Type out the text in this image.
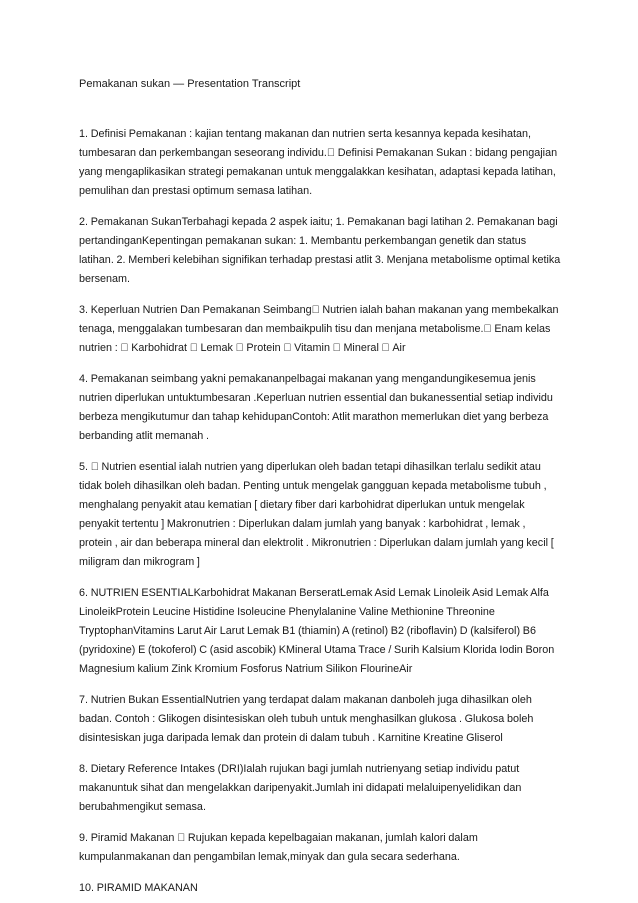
Pemakanan sukan — Presentation Transcript

1. Definisi Pemakanan : kajian tentang makanan dan nutrien serta kesannya kepada kesihatan, tumbesaran dan perkembangan seseorang individu. Definisi Pemakanan Sukan : bidang pengajian yang mengaplikasikan strategi pemakanan untuk menggalakkan kesihatan, adaptasi kepada latihan, pemulihan dan prestasi optimum semasa latihan.

2. Pemakanan SukanTerbahagi kepada 2 aspek iaitu; 1. Pemakanan bagi latihan 2. Pemakanan bagi pertandinganKepentingan pemakanan sukan: 1. Membantu perkembangan genetik dan status latihan. 2. Memberi kelebihan signifikan terhadap prestasi atlit 3. Menjana metabolisme optimal ketika bersenam.

3. Keperluan Nutrien Dan Pemakanan Seimbang Nutrien ialah bahan makanan yang membekalkan tenaga, menggalakan tumbesaran dan membaikpulih tisu dan menjana metabolisme. Enam kelas nutrien : Karbohidrat Lemak Protein Vitamin Mineral Air

4. Pemakanan seimbang yakni pemakananpelbagai makanan yang mengandungikesemua jenis nutrien diperlukan untuktumbesaran .Keperluan nutrien essential dan bukanessential setiap individu berbeza mengikutumur dan tahap kehidupanContoh: Atlit marathon memerlukan diet yang berbeza berbanding atlit memanah .

5. Nutrien esential ialah nutrien yang diperlukan oleh badan tetapi dihasilkan terlalu sedikit atau tidak boleh dihasilkan oleh badan. Penting untuk mengelak gangguan kepada metabolisme tubuh , menghalang penyakit atau kematian [ dietary fiber dari karbohidrat diperlukan untuk mengelak penyakit tertentu ] Makronutrien : Diperlukan dalam jumlah yang banyak : karbohidrat , lemak , protein , air dan beberapa mineral dan elektrolit . Mikronutrien : Diperlukan dalam jumlah yang kecil [ miligram dan mikrogram ]

6. NUTRIEN ESENTIALKarbohidrat Makanan BerseratLemak Asid Lemak Linoleik Asid Lemak Alfa LinoleikProtein Leucine Histidine Isoleucine Phenylalanine Valine Methionine Threonine TryptophanVitamins Larut Air Larut Lemak B1 (thiamin) A (retinol) B2 (riboflavin) D (kalsiferol) B6 (pyridoxine) E (tokoferol) C (asid ascobik) KMineral Utama Trace / Surih Kalsium Klorida Iodin Boron Magnesium kalium Zink Kromium Fosforus Natrium Silikon FlourineAir

7. Nutrien Bukan EssentialNutrien yang terdapat dalam makanan danboleh juga dihasilkan oleh badan. Contoh : Glikogen disintesiskan oleh tubuh untuk menghasilkan glukosa . Glukosa boleh disintesiskan juga daripada lemak dan protein di dalam tubuh . Karnitine Kreatine Gliserol

8. Dietary Reference Intakes (DRI)Ialah rujukan bagi jumlah nutrienyang setiap individu patut makanuntuk sihat dan mengelakkan daripenyakit.Jumlah ini didapati melaluipenyelidikan dan berubahmengikut semasa.

9. Piramid Makanan Rujukan kepada kepelbagaian makanan, jumlah kalori dalam kumpulanmakanan dan pengambilan lemak,minyak dan gula secara sederhana.

10. PIRAMID MAKANAN
